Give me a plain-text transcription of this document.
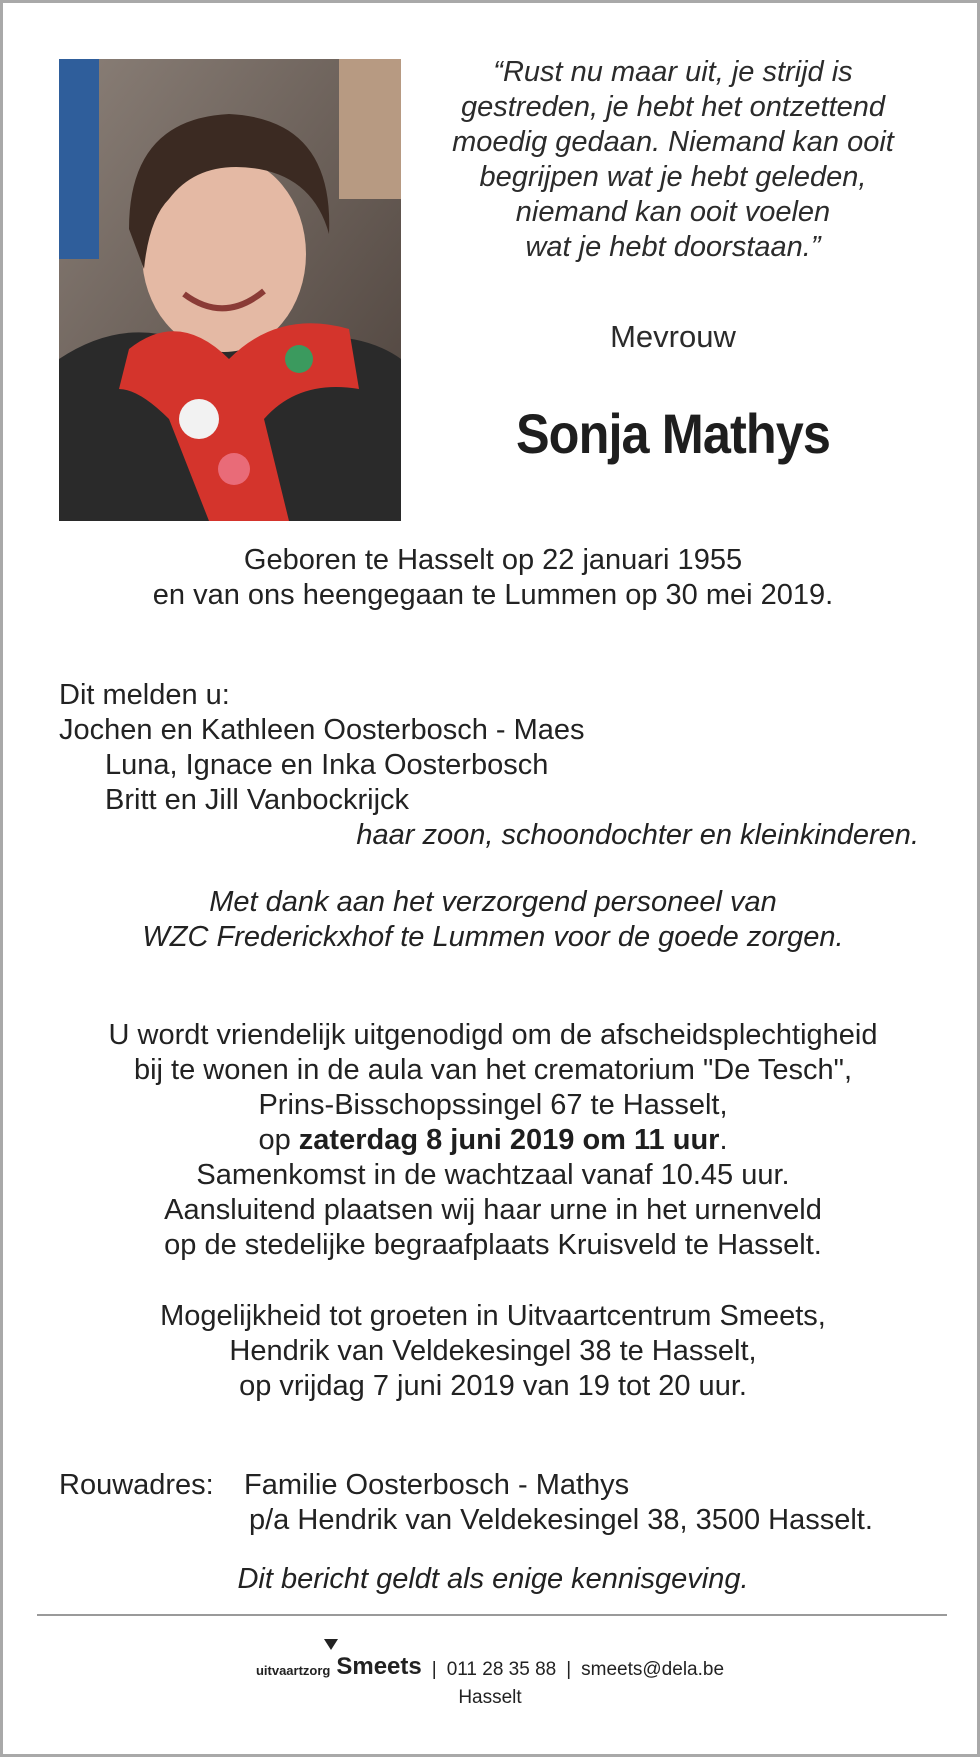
“Rust nu maar uit, je strijd is
gestreden, je hebt het ontzettend
moedig gedaan. Niemand kan ooit
begrijpen wat je hebt geleden,
niemand kan ooit voelen
wat je hebt doorstaan.”
Mevrouw
Sonja Mathys
Geboren te Hasselt op 22 januari 1955
en van ons heengegaan te Lummen op 30 mei 2019.
Dit melden u:
Jochen en Kathleen Oosterbosch - Maes
Luna, Ignace en Inka Oosterbosch
Britt en Jill Vanbockrijck
haar zoon, schoondochter en kleinkinderen.
Met dank aan het verzorgend personeel van
WZC Frederickxhof te Lummen voor de goede zorgen.
U wordt vriendelijk uitgenodigd om de afscheidsplechtigheid
bij te wonen in de aula van het crematorium "De Tesch",
Prins-Bisschopssingel 67 te Hasselt,
op zaterdag 8 juni 2019 om 11 uur.
Samenkomst in de wachtzaal vanaf 10.45 uur.
Aansluitend plaatsen wij haar urne in het urnenveld
op de stedelijke begraafplaats Kruisveld te Hasselt.
Mogelijkheid tot groeten in Uitvaartcentrum Smeets,
Hendrik van Veldekesingel 38 te Hasselt,
op vrijdag 7 juni 2019 van 19 tot 20 uur.
Rouwadres: Familie Oosterbosch - Mathys
p/a Hendrik van Veldekesingel 38, 3500 Hasselt.
Dit bericht geldt als enige kennisgeving.
uitvaartzorg Smeets | 011 28 35 88 | smeets@dela.be
Hasselt
